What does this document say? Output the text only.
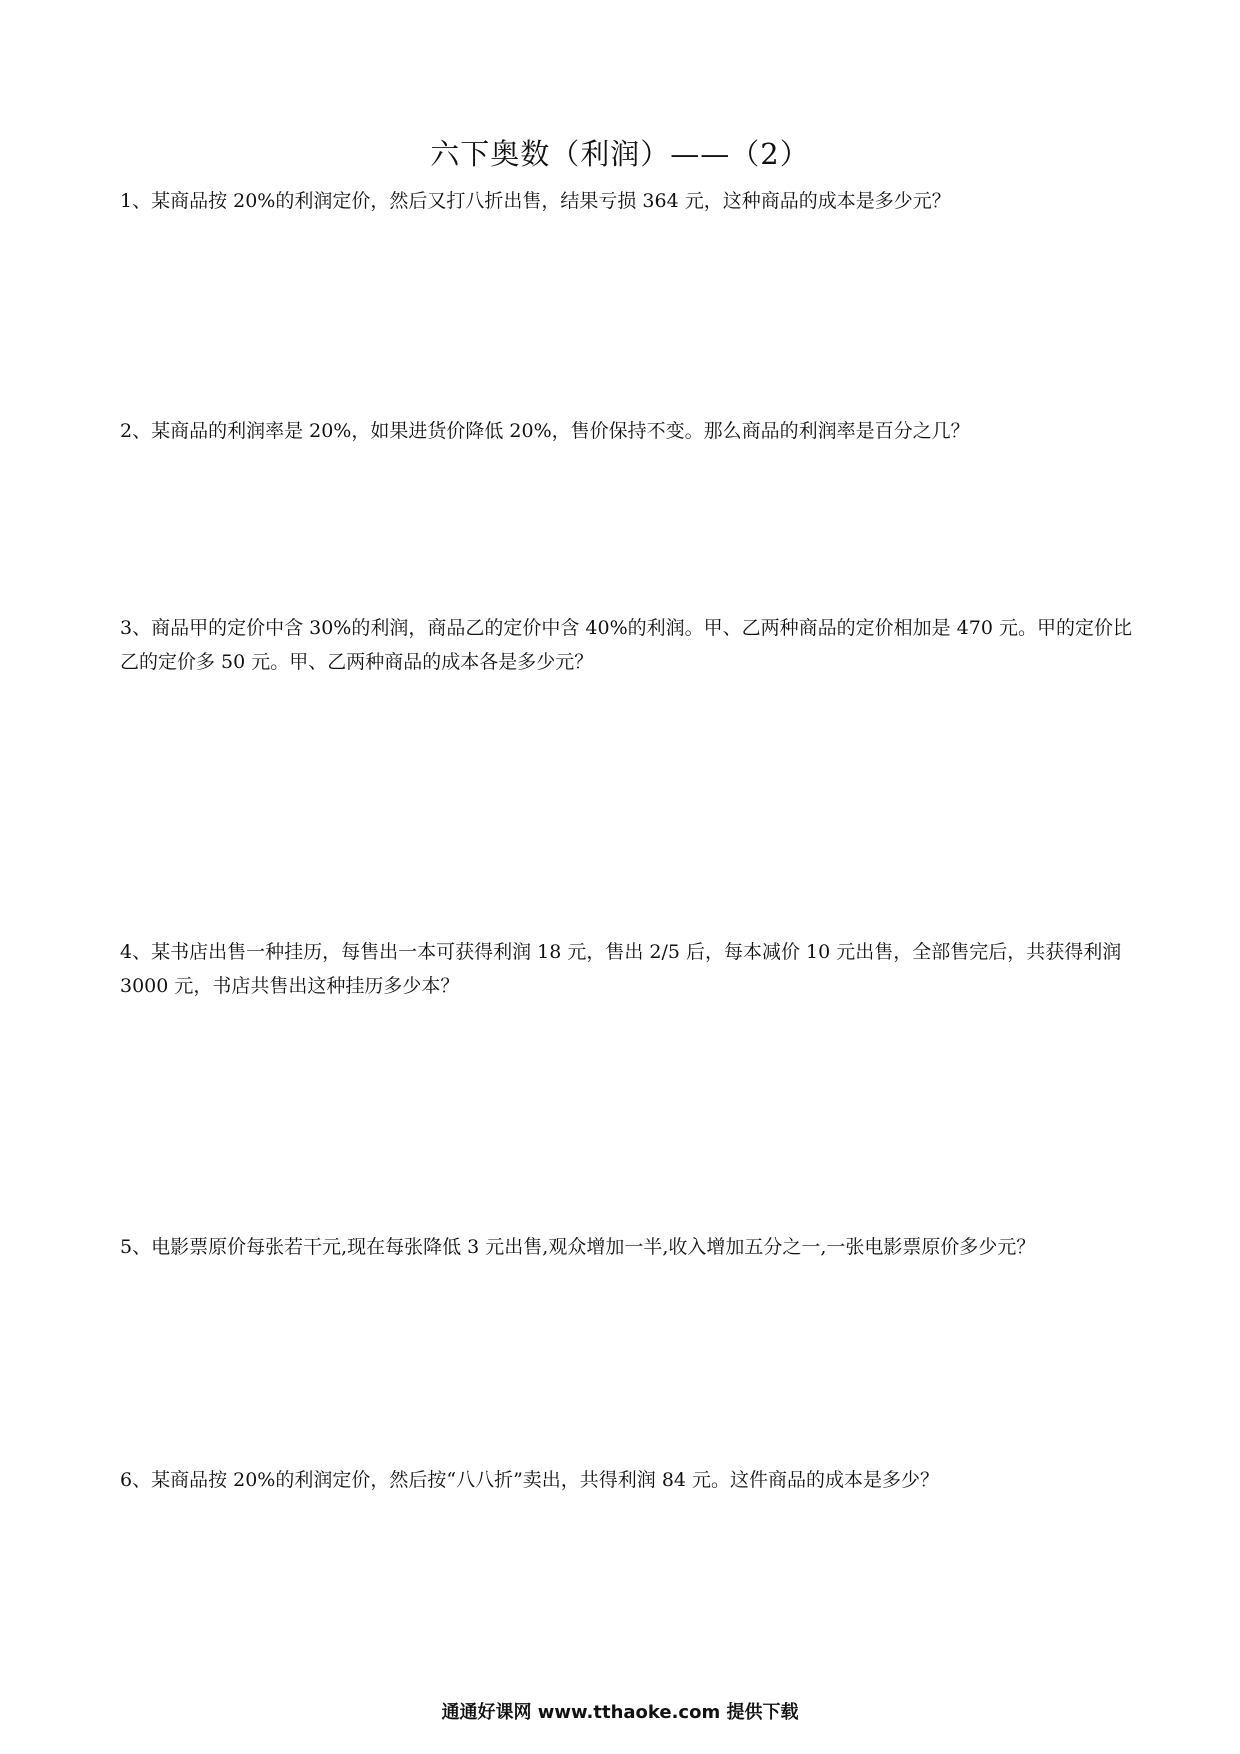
六下奥数（利润）——（2）
1、某商品按 20%的利润定价，然后又打八折出售，结果亏损 364 元，这种商品的成本是多少元？
2、某商品的利润率是 20%，如果进货价降低 20%，售价保持不变。那么商品的利润率是百分之几？
3、商品甲的定价中含 30%的利润，商品乙的定价中含 40%的利润。甲、乙两种商品的定价相加是 470 元。甲的定价比乙的定价多 50 元。甲、乙两种商品的成本各是多少元？
4、某书店出售一种挂历，每售出一本可获得利润 18 元，售出 2/5 后，每本减价 10 元出售，全部售完后，共获得利润 3000 元，书店共售出这种挂历多少本？
5、电影票原价每张若干元,现在每张降低 3 元出售,观众增加一半,收入增加五分之一,一张电影票原价多少元？
6、某商品按 20%的利润定价，然后按“八八折”卖出，共得利润 84 元。这件商品的成本是多少？
通通好课网 www.tthaoke.com 提供下载
